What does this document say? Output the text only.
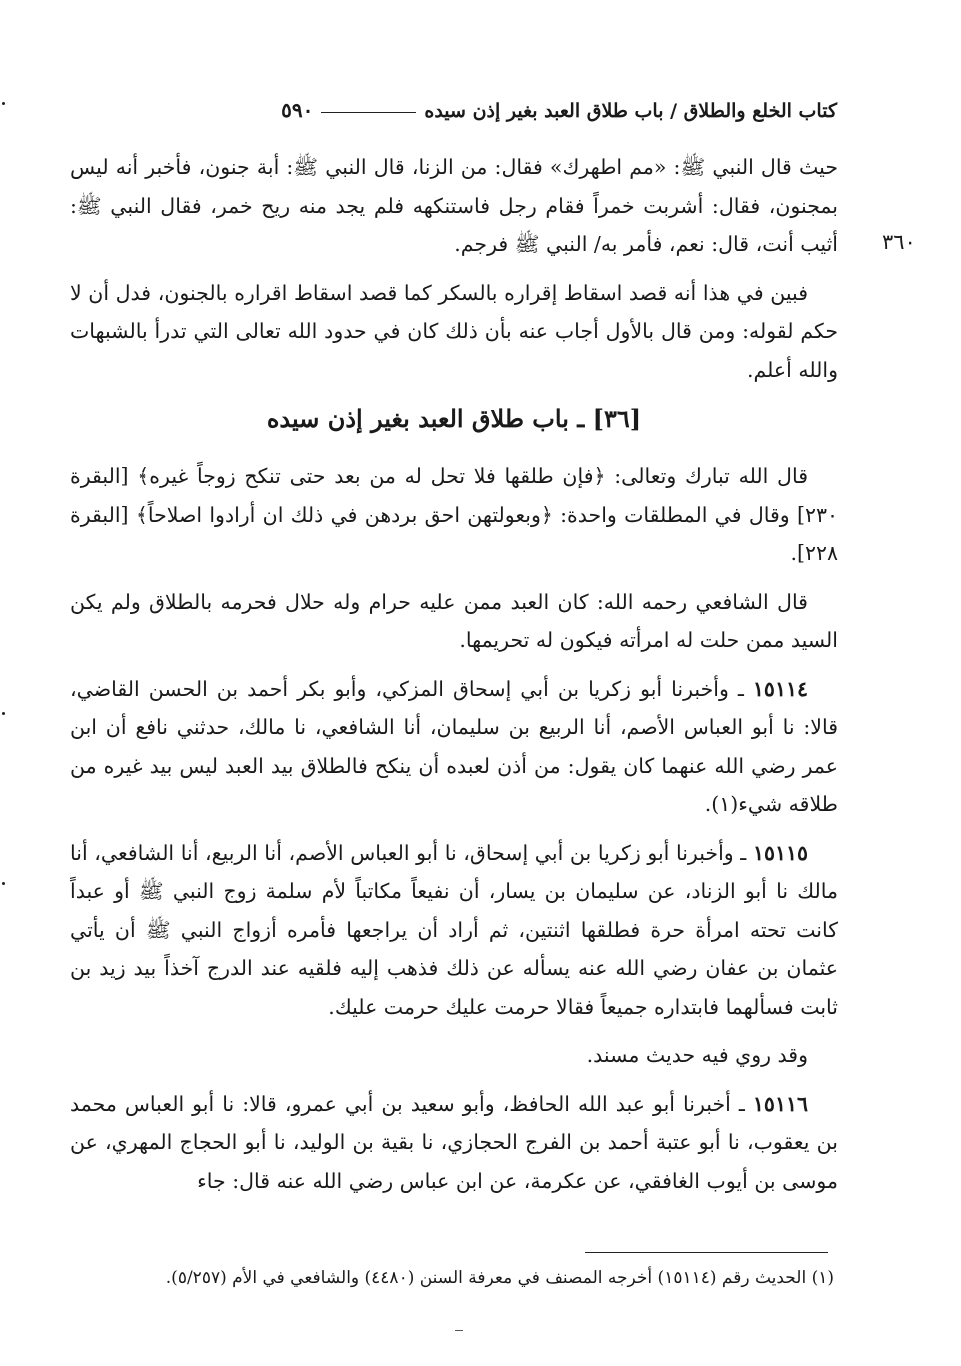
كتاب الخلع والطلاق / باب طلاق العبد بغير إذن سيده
٥٩٠
٣٦٠

حيث قال النبي ﷺ: «مم اطهرك» فقال: من الزنا، قال النبي ﷺ: أبة جنون، فأخبر أنه ليس بمجنون، فقال: أشربت خمراً فقام رجل فاستنكهه فلم يجد منه ريح خمر، فقال النبي ﷺ: أثيب أنت، قال: نعم، فأمر به/ النبي ﷺ فرجم.

فبين في هذا أنه قصد اسقاط إقراره بالسكر كما قصد اسقاط اقراره بالجنون، فدل أن لا حكم لقوله: ومن قال بالأول أجاب عنه بأن ذلك كان في حدود الله تعالى التي تدرأ بالشبهات والله أعلم.

[٣٦] ـ باب طلاق العبد بغير إذن سيده

قال الله تبارك وتعالى: ﴿فإن طلقها فلا تحل له من بعد حتى تنكح زوجاً غيره﴾ [البقرة ٢٣٠] وقال في المطلقات واحدة: ﴿وبعولتهن احق بردهن في ذلك ان أرادوا اصلاحاً﴾ [البقرة ٢٢٨].

قال الشافعي رحمه الله: كان العبد ممن عليه حرام وله حلال فحرمه بالطلاق ولم يكن السيد ممن حلت له امرأته فيكون له تحريمها.

١٥١١٤ ـ وأخبرنا أبو زكريا بن أبي إسحاق المزكي، وأبو بكر أحمد بن الحسن القاضي، قالا: نا أبو العباس الأصم، أنا الربيع بن سليمان، أنا الشافعي، نا مالك، حدثني نافع أن ابن عمر رضي الله عنهما كان يقول: من أذن لعبده أن ينكح فالطلاق بيد العبد ليس بيد غيره من طلاقه شيء(١).

١٥١١٥ ـ وأخبرنا أبو زكريا بن أبي إسحاق، نا أبو العباس الأصم، أنا الربيع، أنا الشافعي، أنا مالك نا أبو الزناد، عن سليمان بن يسار، أن نفيعاً مكاتباً لأم سلمة زوج النبي ﷺ أو عبداً كانت تحته امرأة حرة فطلقها اثنتين، ثم أراد أن يراجعها فأمره أزواج النبي ﷺ أن يأتي عثمان بن عفان رضي الله عنه يسأله عن ذلك فذهب إليه فلقيه عند الدرج آخذاً بيد زيد بن ثابت فسألهما فابتداره جميعاً فقالا حرمت عليك حرمت عليك.

وقد روي فيه حديث مسند.

١٥١١٦ ـ أخبرنا أبو عبد الله الحافظ، وأبو سعيد بن أبي عمرو، قالا: نا أبو العباس محمد بن يعقوب، نا أبو عتبة أحمد بن الفرج الحجازي، نا بقية بن الوليد، نا أبو الحجاج المهري، عن موسى بن أيوب الغافقي، عن عكرمة، عن ابن عباس رضي الله عنه قال: جاء

(١) الحديث رقم (١٥١١٤) أخرجه المصنف في معرفة السنن (٤٤٨٠) والشافعي في الأم (٥/٢٥٧).
